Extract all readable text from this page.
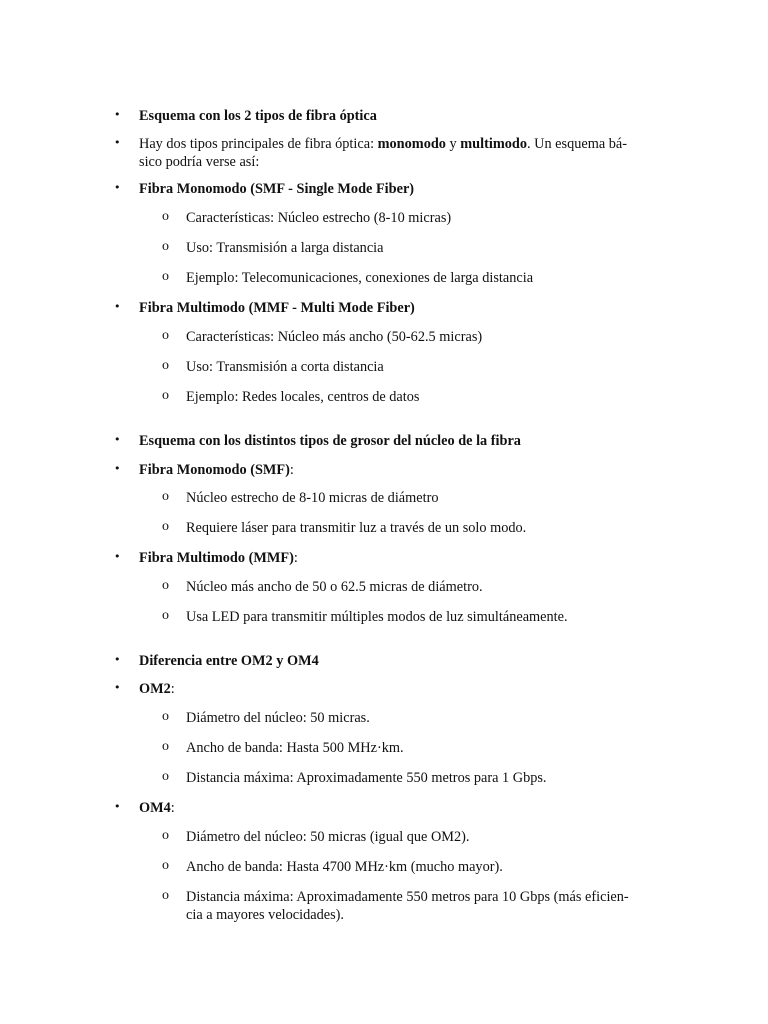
• Esquema con los 2 tipos de fibra óptica
• Hay dos tipos principales de fibra óptica: monomodo y multimodo. Un esquema bá-
sico podría verse así:
• Fibra Monomodo (SMF - Single Mode Fiber)
o Características: Núcleo estrecho (8-10 micras)
o Uso: Transmisión a larga distancia
o Ejemplo: Telecomunicaciones, conexiones de larga distancia
• Fibra Multimodo (MMF - Multi Mode Fiber)
o Características: Núcleo más ancho (50-62.5 micras)
o Uso: Transmisión a corta distancia
o Ejemplo: Redes locales, centros de datos
• Esquema con los distintos tipos de grosor del núcleo de la fibra
• Fibra Monomodo (SMF):
o Núcleo estrecho de 8-10 micras de diámetro
o Requiere láser para transmitir luz a través de un solo modo.
• Fibra Multimodo (MMF):
o Núcleo más ancho de 50 o 62.5 micras de diámetro.
o Usa LED para transmitir múltiples modos de luz simultáneamente.
• Diferencia entre OM2 y OM4
• OM2:
o Diámetro del núcleo: 50 micras.
o Ancho de banda: Hasta 500 MHz·km.
o Distancia máxima: Aproximadamente 550 metros para 1 Gbps.
• OM4:
o Diámetro del núcleo: 50 micras (igual que OM2).
o Ancho de banda: Hasta 4700 MHz·km (mucho mayor).
o Distancia máxima: Aproximadamente 550 metros para 10 Gbps (más eficien-
cia a mayores velocidades).
